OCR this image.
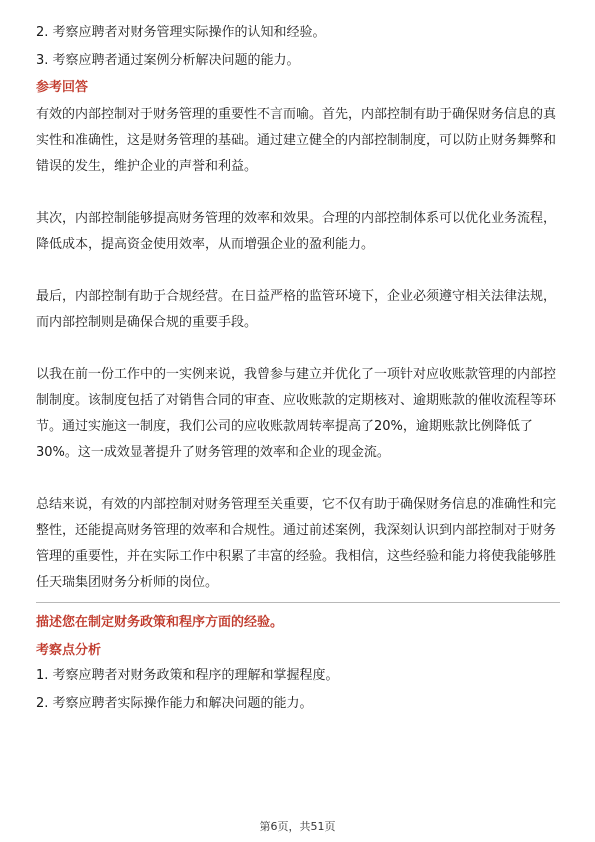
2. 考察应聘者对财务管理实际操作的认知和经验。
3. 考察应聘者通过案例分析解决问题的能力。
参考回答
有效的内部控制对于财务管理的重要性不言而喻。首先，内部控制有助于确保财务信息的真实性和准确性，这是财务管理的基础。通过建立健全的内部控制制度，可以防止财务舞弊和错误的发生，维护企业的声誉和利益。
其次，内部控制能够提高财务管理的效率和效果。合理的内部控制体系可以优化业务流程，降低成本，提高资金使用效率，从而增强企业的盈利能力。
最后，内部控制有助于合规经营。在日益严格的监管环境下，企业必须遵守相关法律法规，而内部控制则是确保合规的重要手段。
以我在前一份工作中的一实例来说，我曾参与建立并优化了一项针对应收账款管理的内部控制制度。该制度包括了对销售合同的审查、应收账款的定期核对、逾期账款的催收流程等环节。通过实施这一制度，我们公司的应收账款周转率提高了20%，逾期账款比例降低了30%。这一成效显著提升了财务管理的效率和企业的现金流。
总结来说，有效的内部控制对财务管理至关重要，它不仅有助于确保财务信息的准确性和完整性，还能提高财务管理的效率和合规性。通过前述案例，我深刻认识到内部控制对于财务管理的重要性，并在实际工作中积累了丰富的经验。我相信，这些经验和能力将使我能够胜任天瑞集团财务分析师的岗位。
描述您在制定财务政策和程序方面的经验。
考察点分析
1. 考察应聘者对财务政策和程序的理解和掌握程度。
2. 考察应聘者实际操作能力和解决问题的能力。
第6页，共51页
